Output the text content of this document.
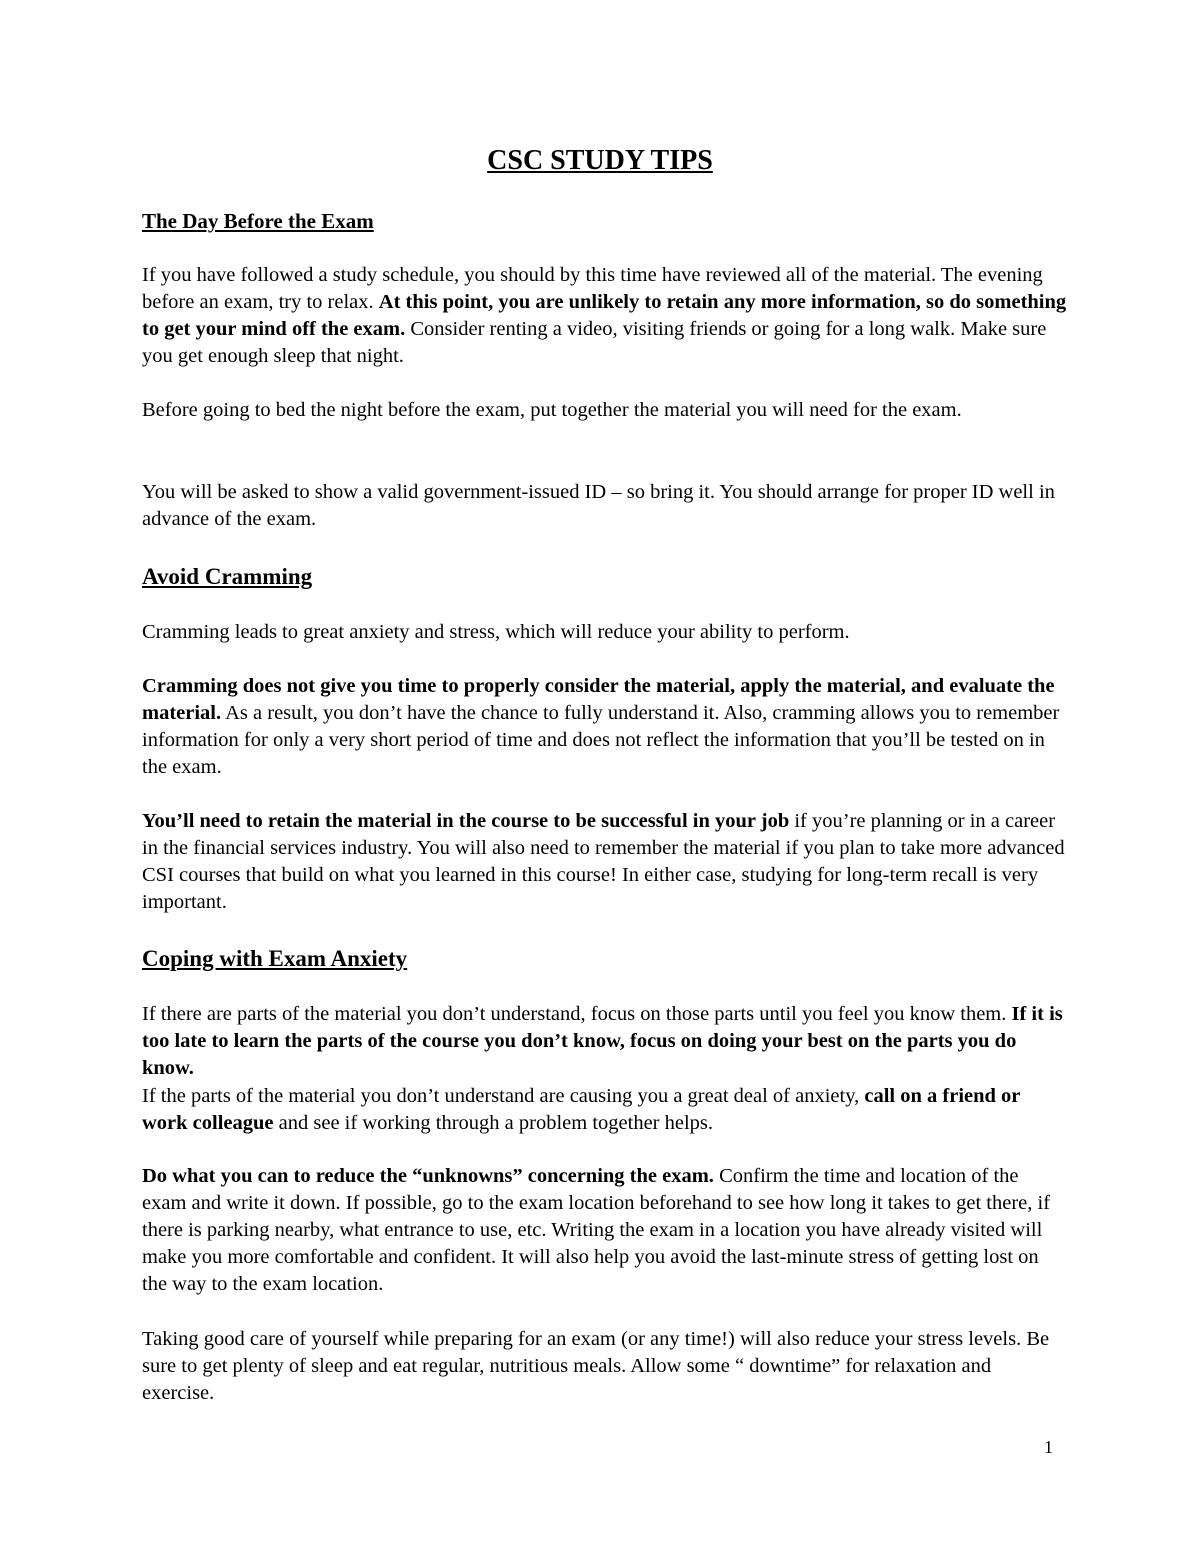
CSC STUDY TIPS
The Day Before the Exam
If you have followed a study schedule, you should by this time have reviewed all of the material. The evening before an exam, try to relax. At this point, you are unlikely to retain any more information, so do something to get your mind off the exam. Consider renting a video, visiting friends or going for a long walk. Make sure you get enough sleep that night.
Before going to bed the night before the exam, put together the material you will need for the exam.
You will be asked to show a valid government-issued ID – so bring it. You should arrange for proper ID well in advance of the exam.
Avoid Cramming
Cramming leads to great anxiety and stress, which will reduce your ability to perform.
Cramming does not give you time to properly consider the material, apply the material, and evaluate the material. As a result, you don’t have the chance to fully understand it. Also, cramming allows you to remember information for only a very short period of time and does not reflect the information that you’ll be tested on in the exam.
You’ll need to retain the material in the course to be successful in your job if you’re planning or in a career in the financial services industry. You will also need to remember the material if you plan to take more advanced CSI courses that build on what you learned in this course! In either case, studying for long-term recall is very important.
Coping with Exam Anxiety
If there are parts of the material you don’t understand, focus on those parts until you feel you know them. If it is too late to learn the parts of the course you don’t know, focus on doing your best on the parts you do know.
If the parts of the material you don’t understand are causing you a great deal of anxiety, call on a friend or work colleague and see if working through a problem together helps.
Do what you can to reduce the “unknowns” concerning the exam. Confirm the time and location of the exam and write it down. If possible, go to the exam location beforehand to see how long it takes to get there, if there is parking nearby, what entrance to use, etc. Writing the exam in a location you have already visited will make you more comfortable and confident. It will also help you avoid the last-minute stress of getting lost on the way to the exam location.
Taking good care of yourself while preparing for an exam (or any time!) will also reduce your stress levels. Be sure to get plenty of sleep and eat regular, nutritious meals. Allow some “ downtime” for relaxation and exercise.
1
